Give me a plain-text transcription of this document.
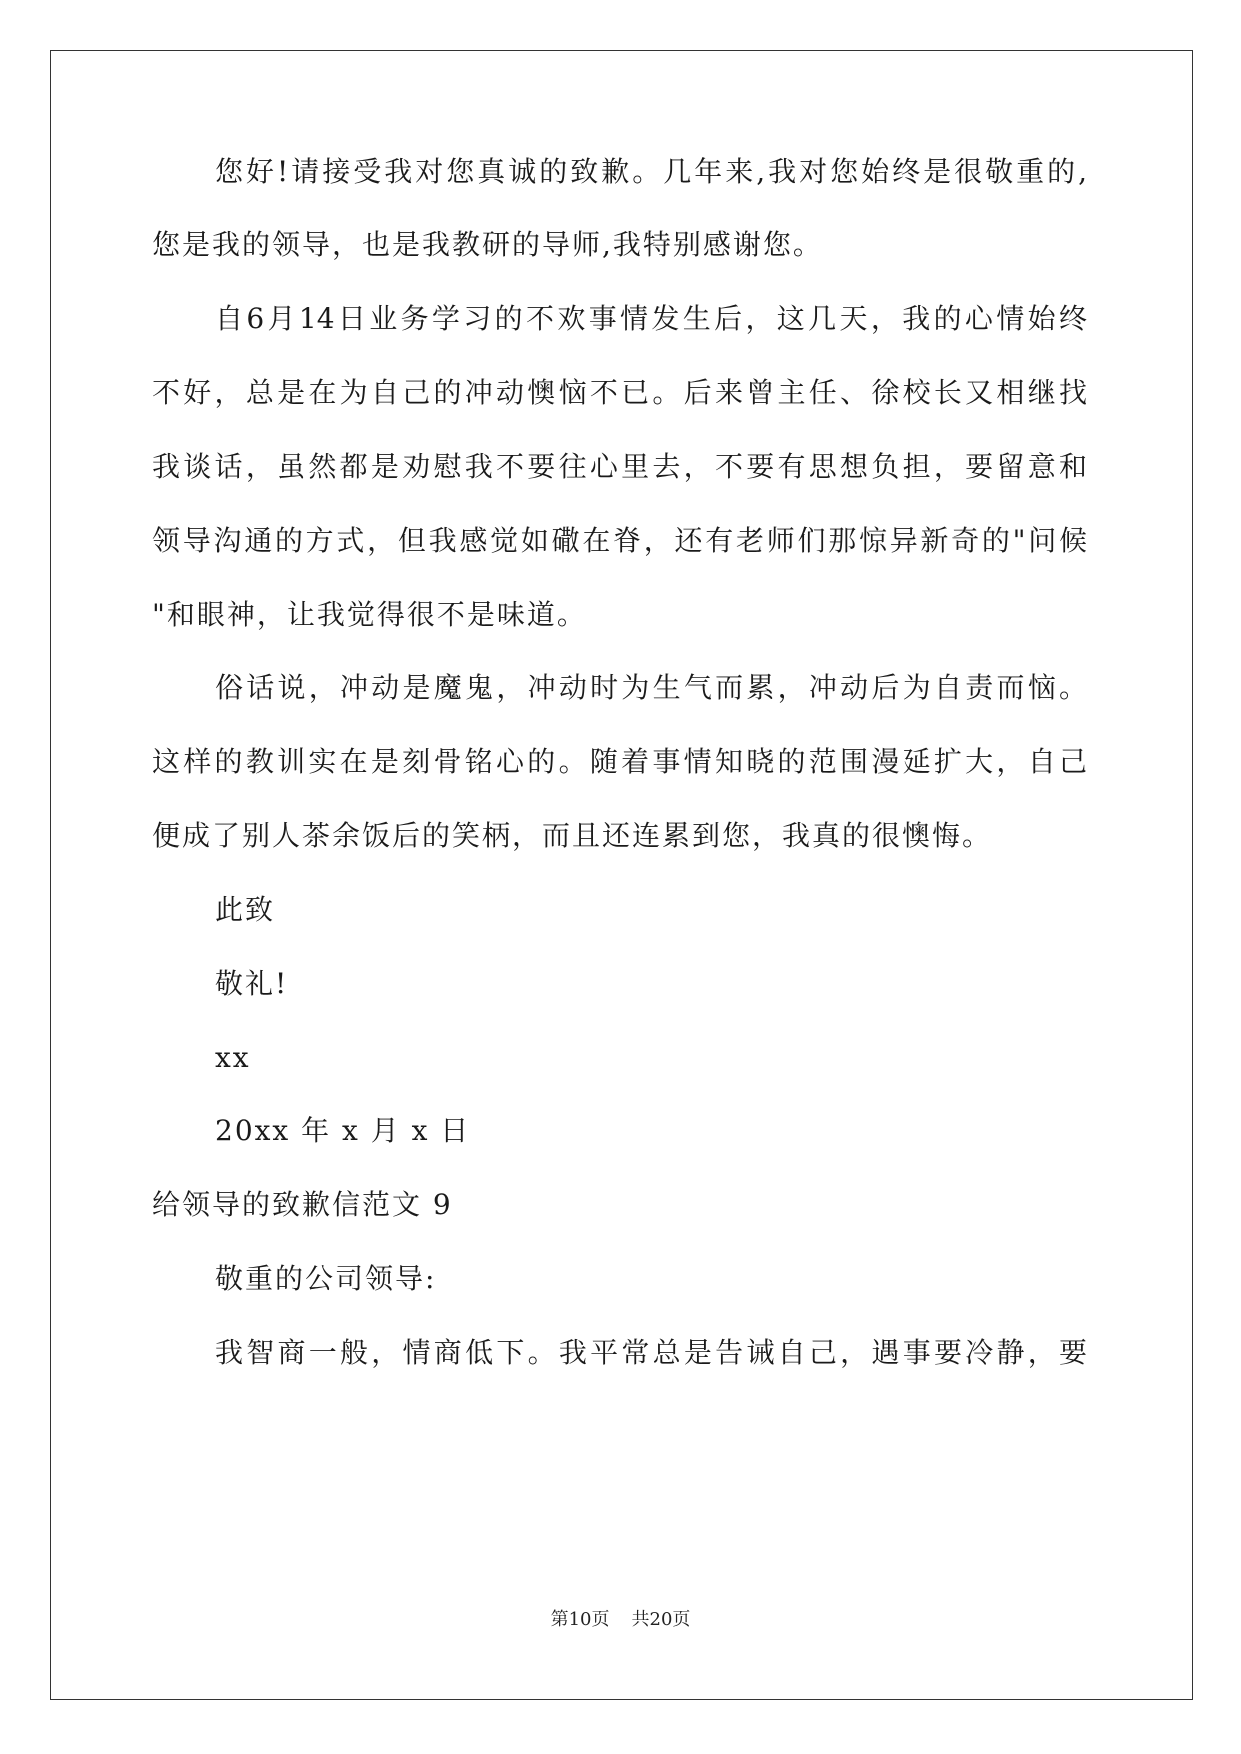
您好!请接受我对您真诚的致歉。几年来,我对您始终是很敬重的,
您是我的领导，也是我教研的导师,我特别感谢您。
自6月14日业务学习的不欢事情发生后，这几天，我的心情始终
不好，总是在为自己的冲动懊恼不已。后来曾主任、徐校长又相继找
我谈话，虽然都是劝慰我不要往心里去，不要有思想负担，要留意和
领导沟通的方式，但我感觉如䃟在脊，还有老师们那惊异新奇的"问候
"和眼神，让我觉得很不是味道。
俗话说，冲动是魔鬼，冲动时为生气而累，冲动后为自责而恼。
这样的教训实在是刻骨铭心的。随着事情知晓的范围漫延扩大，自己
便成了别人茶余饭后的笑柄，而且还连累到您，我真的很懊悔。
此致
敬礼!
xx
20xx 年 x 月 x 日
给领导的致歉信范文 9
敬重的公司领导:
我智商一般，情商低下。我平常总是告诫自己，遇事要冷静，要
第10页 共20页
